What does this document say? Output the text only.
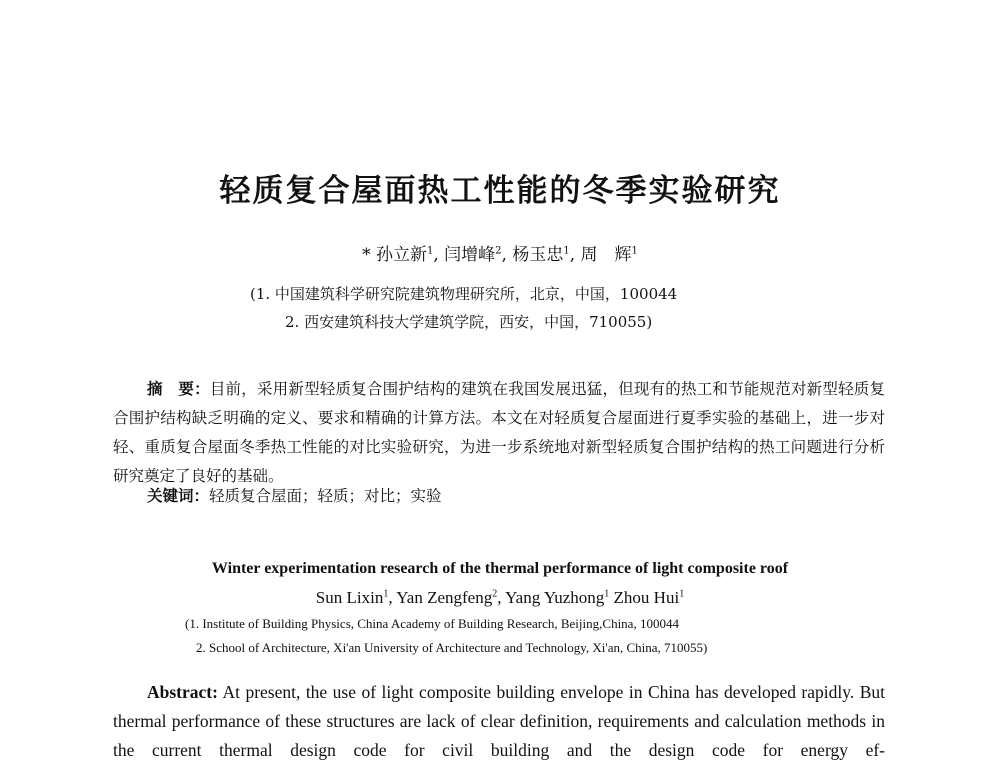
轻质复合屋面热工性能的冬季实验研究
* 孙立新$^1$, 闫增峰$^2$, 杨玉忠$^1$, 周　辉$^1$
(1. 中国建筑科学研究院建筑物理研究所，北京，中国，100044
2. 西安建筑科技大学建筑学院，西安，中国，710055)
摘　要：目前，采用新型轻质复合围护结构的建筑在我国发展迅猛，但现有的热工和节能规范对新型轻质复合围护结构缺乏明确的定义、要求和精确的计算方法。本文在对轻质复合屋面进行夏季实验的基础上，进一步对轻、重质复合屋面冬季热工性能的对比实验研究，为进一步系统地对新型轻质复合围护结构的热工问题进行分析研究奠定了良好的基础。
关键词：轻质复合屋面；轻质；对比；实验
Winter experimentation research of the thermal performance of light composite roof
Sun Lixin$^1$, Yan Zengfeng$^2$, Yang Yuzhong$^1$ Zhou Hui$^1$
(1. Institute of Building Physics, China Academy of Building Research, Beijing,China, 100044
2. School of Architecture, Xi'an University of Architecture and Technology, Xi'an, China, 710055)
Abstract: At present, the use of light composite building envelope in China has developed rapidly. But thermal performance of these structures are lack of clear definition, requirements and calculation methods in the current thermal design code for civil building and the design code for energy ef-
